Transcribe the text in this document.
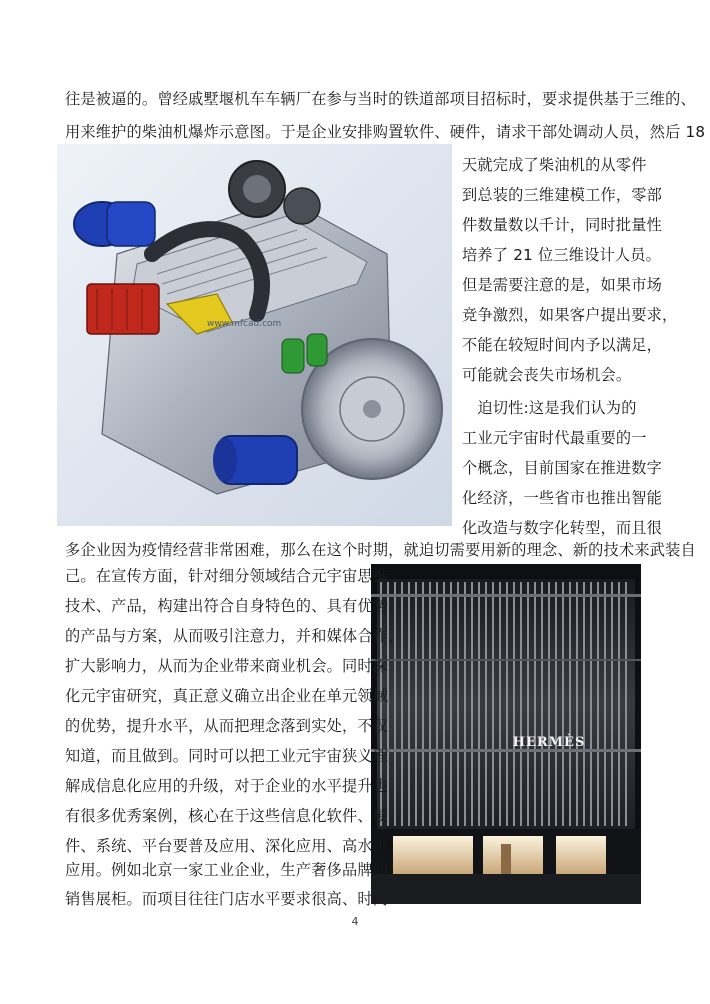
往是被逼的。曾经戚墅堰机车车辆厂在参与当时的铁道部项目招标时，要求提供基于三维的、
用来维护的柴油机爆炸示意图。于是企业安排购置软件、硬件，请求干部处调动人员，然后 18
www.mfcad.com
天就完成了柴油机的从零件
到总装的三维建模工作，零部
件数量数以千计，同时批量性
培养了 21 位三维设计人员。
但是需要注意的是，如果市场
竞争激烈，如果客户提出要求，
不能在较短时间内予以满足，
可能就会丧失市场机会。
　迫切性:这是我们认为的
工业元宇宙时代最重要的一
个概念，目前国家在推进数字
化经济，一些省市也推出智能
化改造与数字化转型，而且很
多企业因为疫情经营非常困难，那么在这个时期，就迫切需要用新的理念、新的技术来武装自
HERMÈS
己。在宣传方面，针对细分领域结合元宇宙思维、
技术、产品，构建出符合自身特色的、具有优势
的产品与方案，从而吸引注意力，并和媒体合作，
扩大影响力，从而为企业带来商业机会。同时深
化元宇宙研究，真正意义确立出企业在单元领域
的优势，提升水平，从而把理念落到实处，不仅
知道，而且做到。同时可以把工业元宇宙狭义理
解成信息化应用的升级，对于企业的水平提升也
有很多优秀案例，核心在于这些信息化软件、硬
件、系统、平台要普及应用、深化应用、高水平
应用。例如北京一家工业企业，生产奢侈品牌的
销售展柜。而项目往往门店水平要求很高、时间
4
